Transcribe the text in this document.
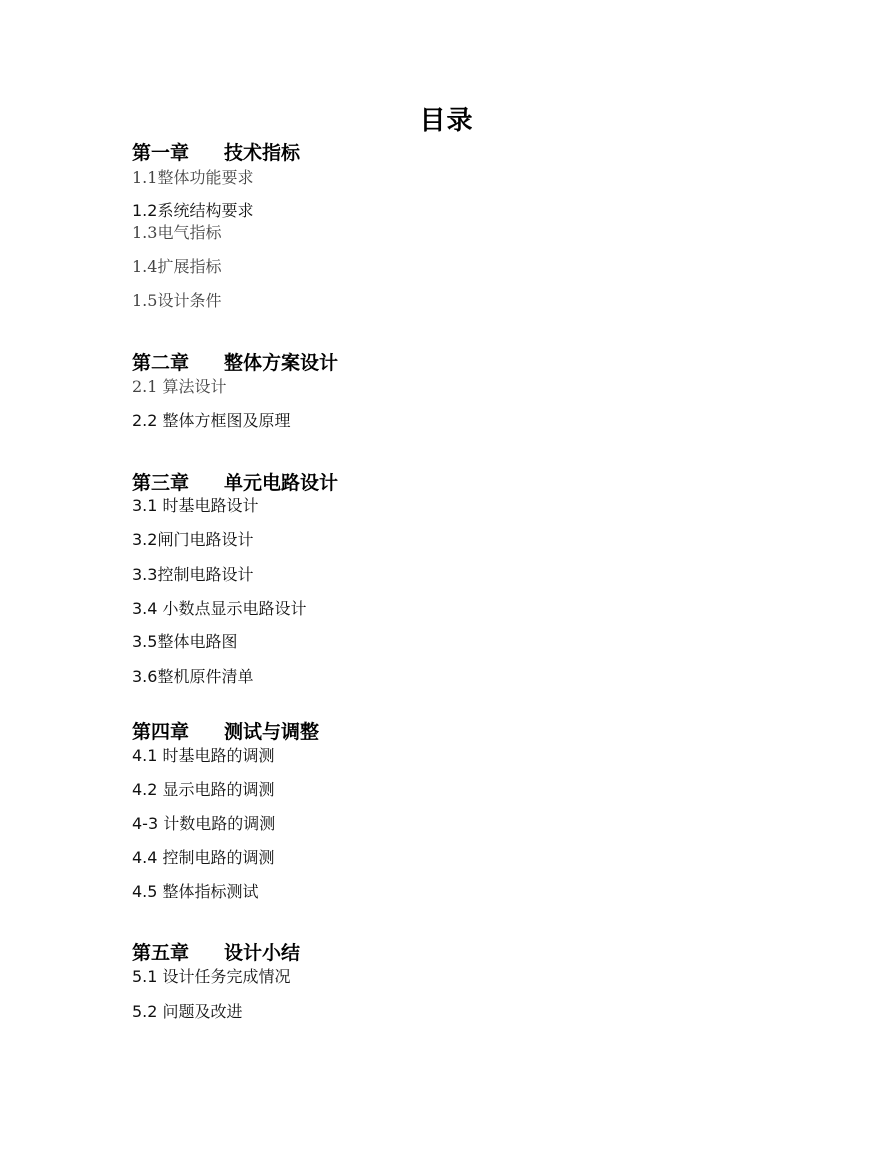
目录
第一章 技术指标
1.1整体功能要求
1.2系统结构要求
1.3电气指标
1.4扩展指标
1.5设计条件
第二章 整体方案设计
2.1 算法设计
2.2 整体方框图及原理
第三章 单元电路设计
3.1 时基电路设计
3.2闸门电路设计
3.3控制电路设计
3.4 小数点显示电路设计
3.5整体电路图
3.6整机原件清单
第四章 测试与调整
4.1 时基电路的调测
4.2 显示电路的调测
4-3 计数电路的调测
4.4 控制电路的调测
4.5 整体指标测试
第五章 设计小结
5.1 设计任务完成情况
5.2 问题及改进
